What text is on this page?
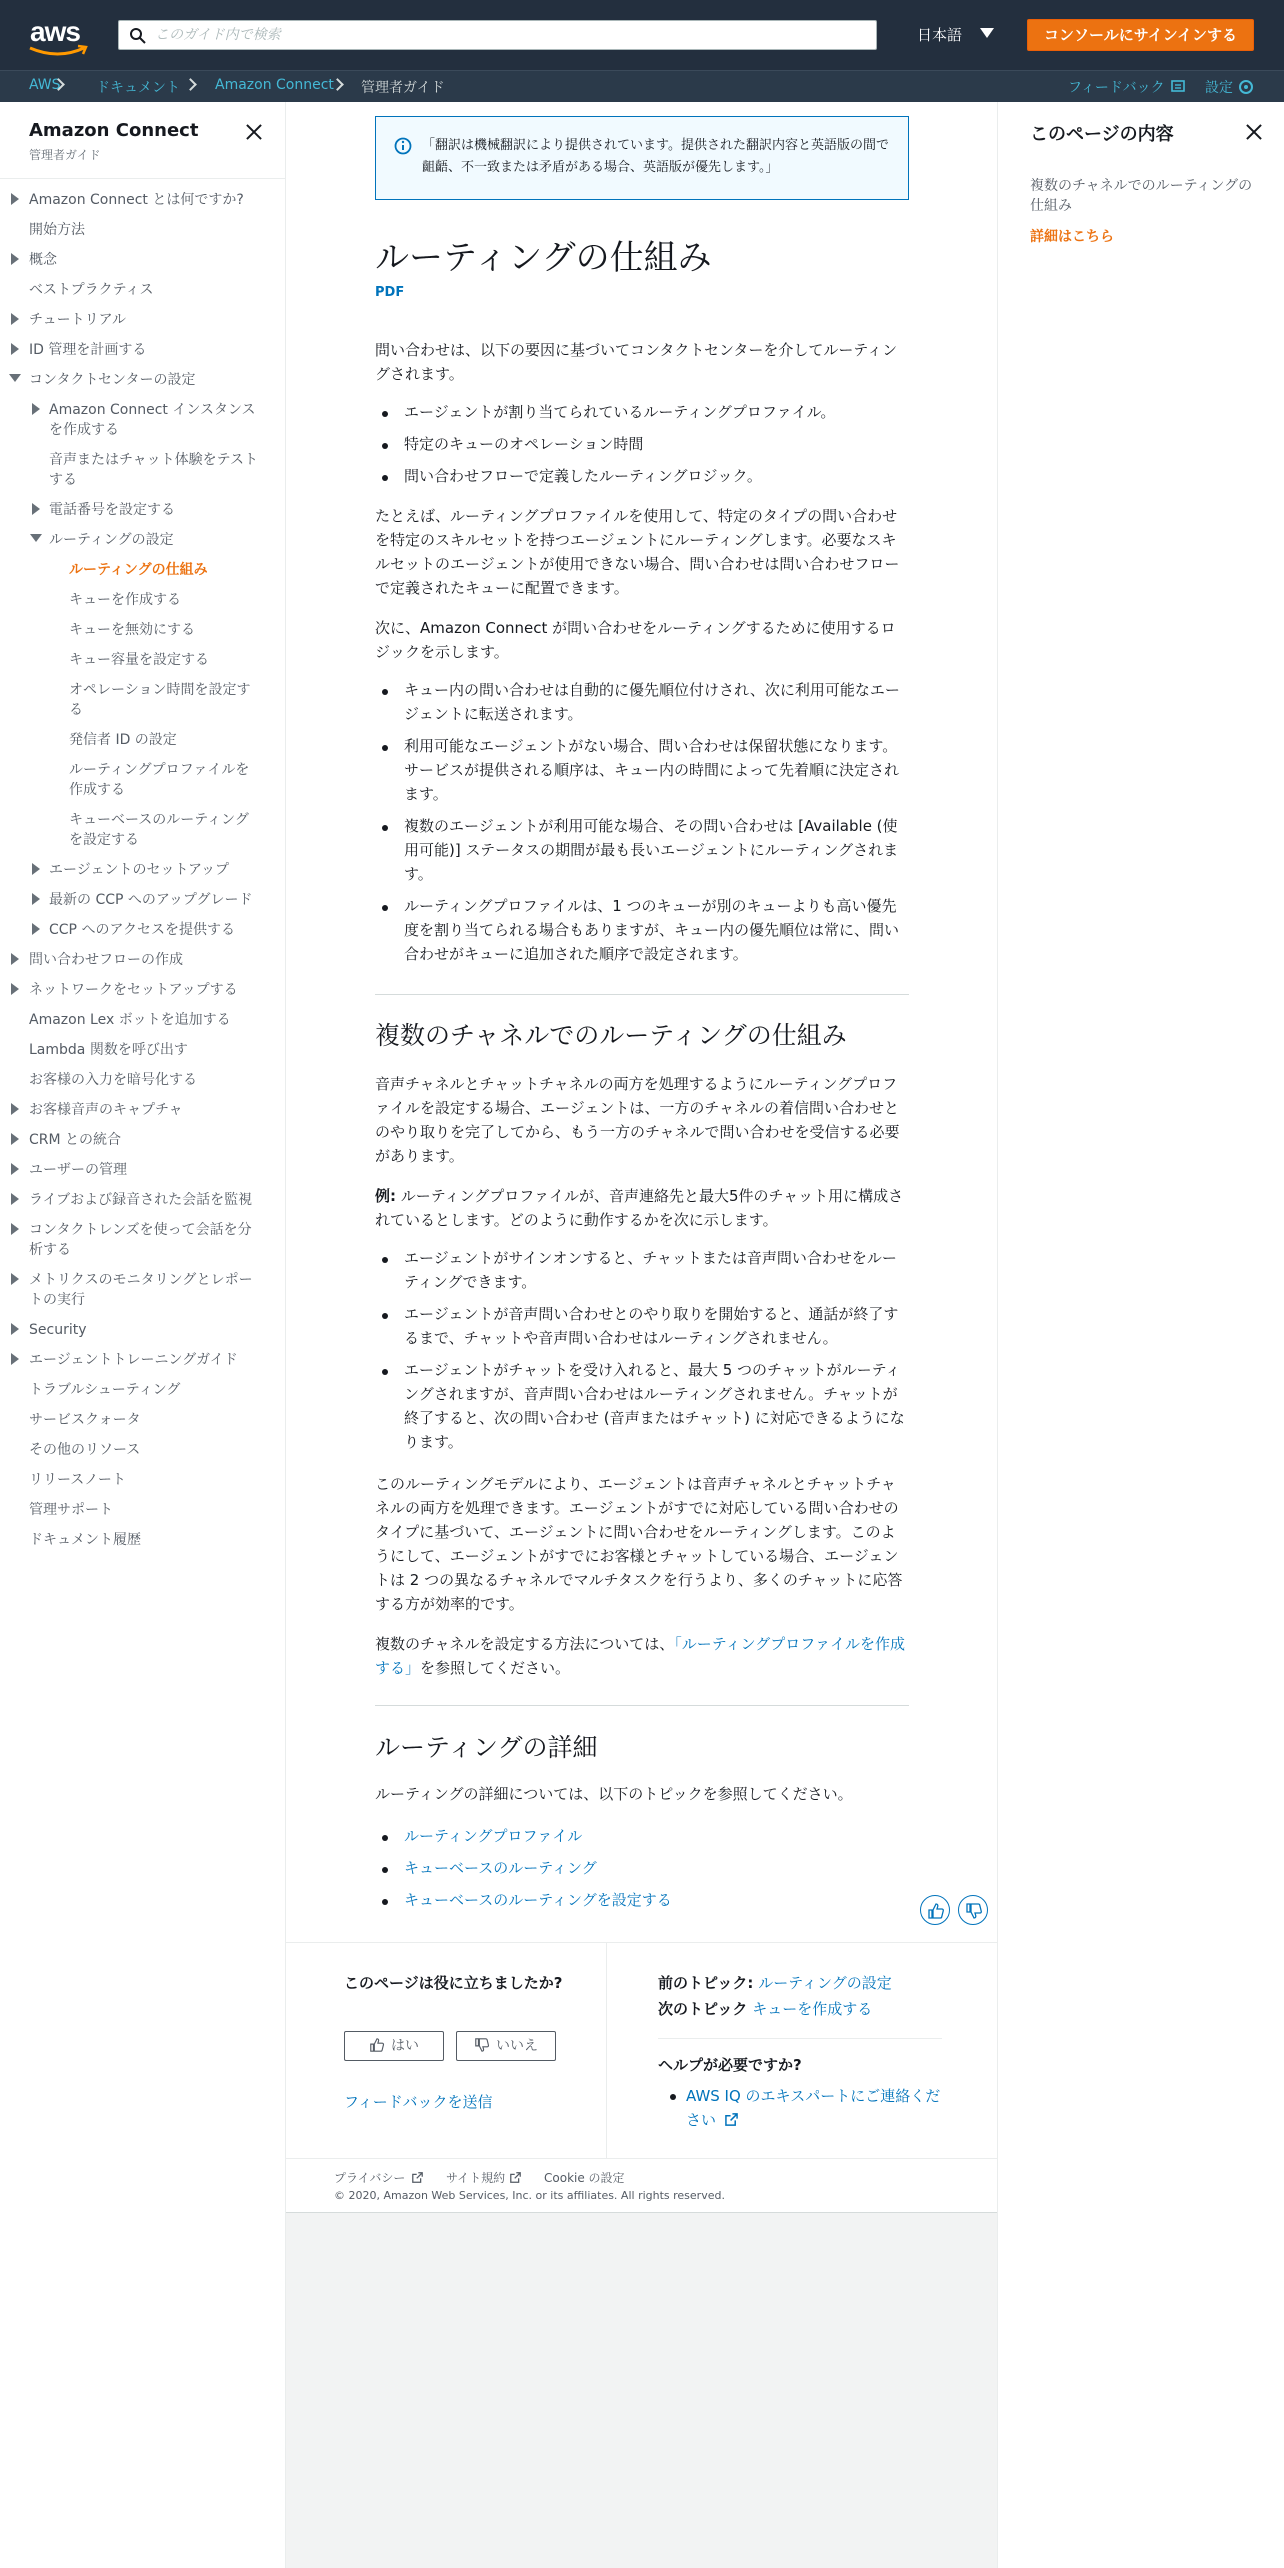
aws
このガイド内で検索	日本語	コンソールにサインインする
AWS	ドキュメント	Amazon Connect 管理者ガイド	フィードバック	設定
Amazon Connect
管理者ガイド
Amazon Connect とは何ですか?
開始方法
概念
ベストプラクティス
チュートリアル
ID 管理を計画する
コンタクトセンターの設定
Amazon Connect インスタンスを作成する
音声またはチャット体験をテストする
電話番号を設定する
ルーティングの設定
ルーティングの仕組み
キューを作成する
キューを無効にする
キュー容量を設定する
オペレーション時間を設定する
発信者 ID の設定
ルーティングプロファイルを作成する
キューベースのルーティングを設定する
エージェントのセットアップ
最新の CCP へのアップグレード
CCP へのアクセスを提供する
問い合わせフローの作成
ネットワークをセットアップする
Amazon Lex ボットを追加する
Lambda 関数を呼び出す
お客様の入力を暗号化する
お客様音声のキャプチャ
CRM との統合
ユーザーの管理
ライブおよび録音された会話を監視
コンタクトレンズを使って会話を分析する
メトリクスのモニタリングとレポートの実行
Security
エージェントトレーニングガイド
トラブルシューティング
サービスクォータ
その他のリソース
リリースノート
管理サポート
ドキュメント履歴
「翻訳は機械翻訳により提供されています。提供された翻訳内容と英語版の間で齟齬、不一致または矛盾がある場合、英語版が優先します。」
ルーティングの仕組み
PDF
問い合わせは、以下の要因に基づいてコンタクトセンターを介してルーティングされます。
エージェントが割り当てられているルーティングプロファイル。
特定のキューのオペレーション時間
問い合わせフローで定義したルーティングロジック。
たとえば、ルーティングプロファイルを使用して、特定のタイプの問い合わせを特定のスキルセットを持つエージェントにルーティングします。必要なスキルセットのエージェントが使用できない場合、問い合わせは問い合わせフローで定義されたキューに配置できます。
次に、Amazon Connect が問い合わせをルーティングするために使用するロジックを示します。
キュー内の問い合わせは自動的に優先順位付けされ、次に利用可能なエージェントに転送されます。
利用可能なエージェントがない場合、問い合わせは保留状態になります。サービスが提供される順序は、キュー内の時間によって先着順に決定されます。
複数のエージェントが利用可能な場合、その問い合わせは [Available (使用可能)] ステータスの期間が最も長いエージェントにルーティングされます。
ルーティングプロファイルは、1 つのキューが別のキューよりも高い優先度を割り当てられる場合もありますが、キュー内の優先順位は常に、問い合わせがキューに追加された順序で設定されます。
複数のチャネルでのルーティングの仕組み
音声チャネルとチャットチャネルの両方を処理するようにルーティングプロファイルを設定する場合、エージェントは、一方のチャネルの着信問い合わせとのやり取りを完了してから、もう一方のチャネルで問い合わせを受信する必要があります。
例: ルーティングプロファイルが、音声連絡先と最大5件のチャット用に構成されているとします。どのように動作するかを次に示します。
エージェントがサインオンすると、チャットまたは音声問い合わせをルーティングできます。
エージェントが音声問い合わせとのやり取りを開始すると、通話が終了するまで、チャットや音声問い合わせはルーティングされません。
エージェントがチャットを受け入れると、最大 5 つのチャットがルーティングされますが、音声問い合わせはルーティングされません。チャットが終了すると、次の問い合わせ (音声またはチャット) に対応できるようになります。
このルーティングモデルにより、エージェントは音声チャネルとチャットチャネルの両方を処理できます。エージェントがすでに対応している問い合わせのタイプに基づいて、エージェントに問い合わせをルーティングします。このようにして、エージェントがすでにお客様とチャットしている場合、エージェントは 2 つの異なるチャネルでマルチタスクを行うより、多くのチャットに応答する方が効率的です。
複数のチャネルを設定する方法については、「ルーティングプロファイルを作成する」を参照してください。
ルーティングの詳細
ルーティングの詳細については、以下のトピックを参照してください。
ルーティングプロファイル
キューベースのルーティング
キューベースのルーティングを設定する
このページは役に立ちましたか?
はい	いいえ
フィードバックを送信
前のトピック: ルーティングの設定
次のトピック キューを作成する
ヘルプが必要ですか?
AWS IQ のエキスパートにご連絡ください
プライバシー	サイト規約	Cookie の設定
© 2020, Amazon Web Services, Inc. or its affiliates. All rights reserved.
このページの内容
複数のチャネルでのルーティングの仕組み
詳細はこちら
